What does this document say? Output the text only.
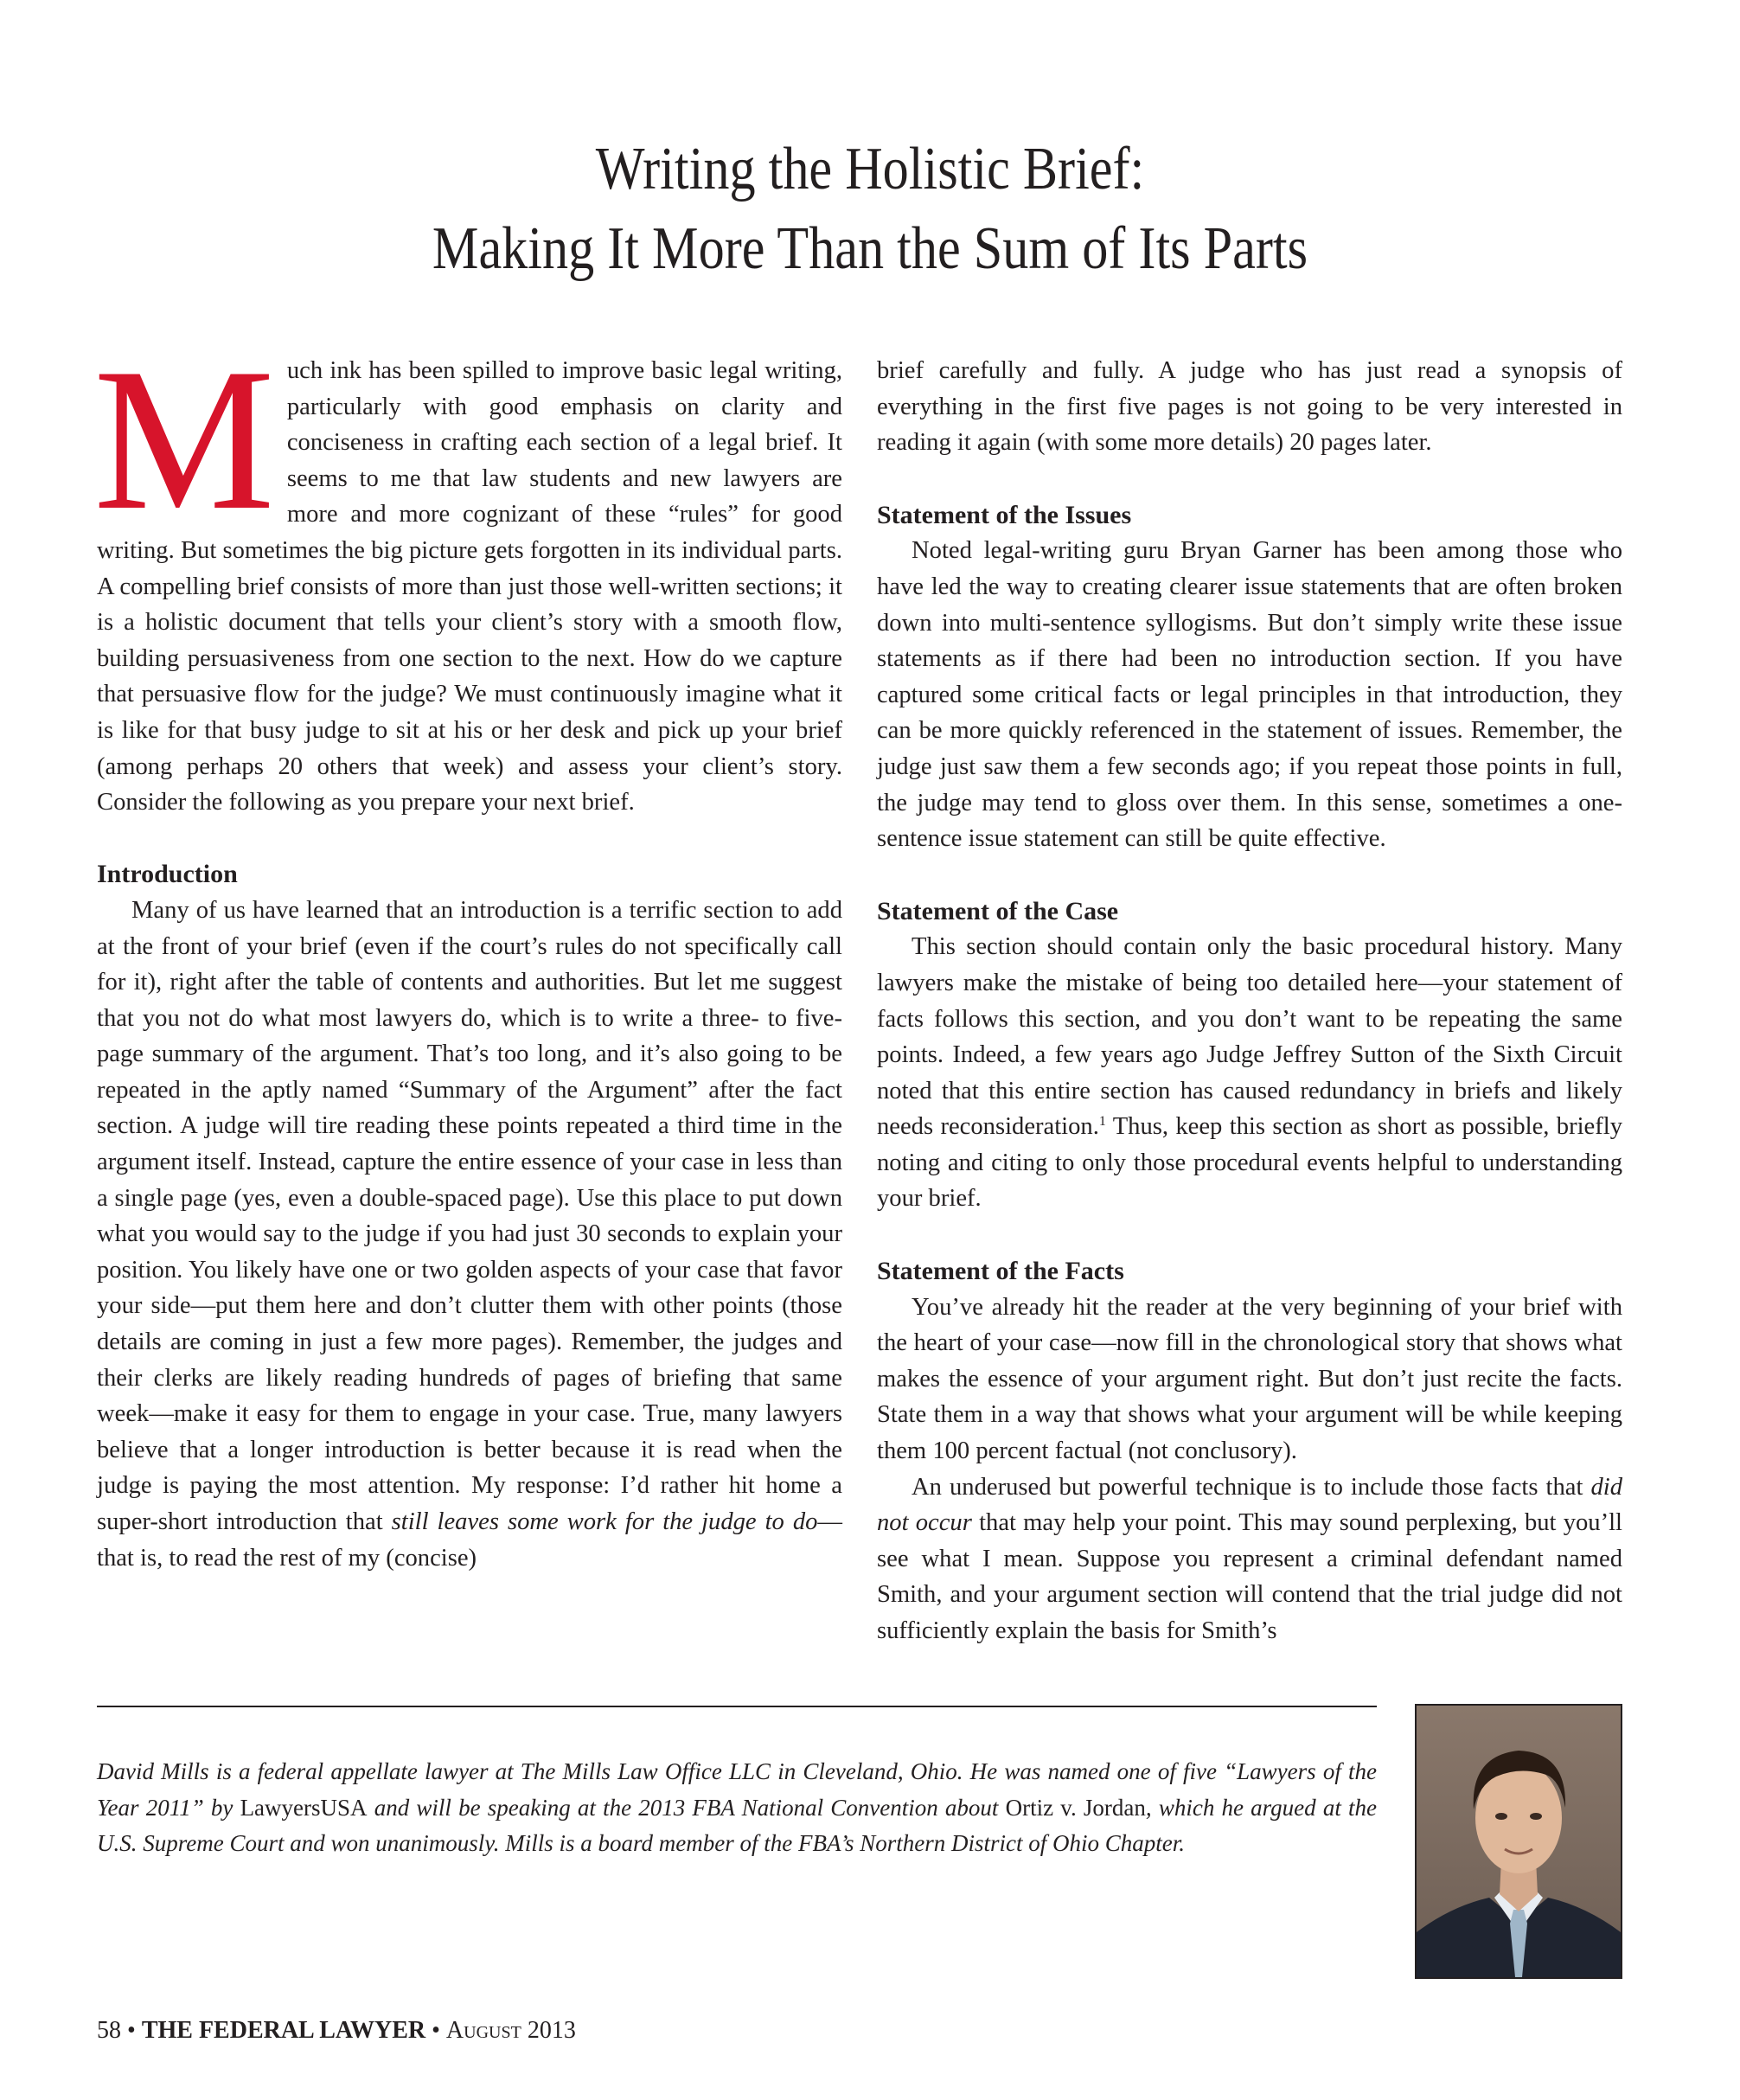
Writing the Holistic Brief:
Making It More Than the Sum of Its Parts

Much ink has been spilled to improve basic legal writing, particularly with good emphasis on clarity and conciseness in crafting each section of a legal brief. It seems to me that law students and new lawyers are more and more cognizant of these “rules” for good writing. But sometimes the big picture gets forgotten in its individual parts. A compelling brief consists of more than just those well-written sections; it is a holistic document that tells your client’s story with a smooth flow, building persuasiveness from one section to the next. How do we capture that persuasive flow for the judge? We must continuously imagine what it is like for that busy judge to sit at his or her desk and pick up your brief (among perhaps 20 others that week) and assess your client’s story. Consider the following as you prepare your next brief.

Introduction

Many of us have learned that an introduction is a terrific section to add at the front of your brief (even if the court’s rules do not specifically call for it), right after the table of contents and authorities. But let me suggest that you not do what most lawyers do, which is to write a three- to five-page summary of the argument. That’s too long, and it’s also going to be repeated in the aptly named “Summary of the Argument” after the fact section. A judge will tire reading these points repeated a third time in the argument itself. Instead, capture the entire essence of your case in less than a single page (yes, even a double-spaced page). Use this place to put down what you would say to the judge if you had just 30 seconds to explain your position. You likely have one or two golden aspects of your case that favor your side—put them here and don’t clutter them with other points (those details are coming in just a few more pages). Remember, the judges and their clerks are likely reading hundreds of pages of briefing that same week—make it easy for them to engage in your case. True, many lawyers believe that a longer introduction is better because it is read when the judge is paying the most attention. My response: I’d rather hit home a super-short introduction that still leaves some work for the judge to do—that is, to read the rest of my (concise)

brief carefully and fully. A judge who has just read a synopsis of everything in the first five pages is not going to be very interested in reading it again (with some more details) 20 pages later.

Statement of the Issues

Noted legal-writing guru Bryan Garner has been among those who have led the way to creating clearer issue statements that are often broken down into multi-sentence syllogisms. But don’t simply write these issue statements as if there had been no introduction section. If you have captured some critical facts or legal principles in that introduction, they can be more quickly referenced in the statement of issues. Remember, the judge just saw them a few seconds ago; if you repeat those points in full, the judge may tend to gloss over them. In this sense, sometimes a one-sentence issue statement can still be quite effective.

Statement of the Case

This section should contain only the basic procedural history. Many lawyers make the mistake of being too detailed here—your statement of facts follows this section, and you don’t want to be repeating the same points. Indeed, a few years ago Judge Jeffrey Sutton of the Sixth Circuit noted that this entire section has caused redundancy in briefs and likely needs reconsideration.$^1$ Thus, keep this section as short as possible, briefly noting and citing to only those procedural events helpful to understanding your brief.

Statement of the Facts

You’ve already hit the reader at the very beginning of your brief with the heart of your case—now fill in the chronological story that shows what makes the essence of your argument right. But don’t just recite the facts. State them in a way that shows what your argument will be while keeping them 100 percent factual (not conclusory).

An underused but powerful technique is to include those facts that did not occur that may help your point. This may sound perplexing, but you’ll see what I mean. Suppose you represent a criminal defendant named Smith, and your argument section will contend that the trial judge did not sufficiently explain the basis for Smith’s

David Mills is a federal appellate lawyer at The Mills Law Office LLC in Cleveland, Ohio. He was named one of five “Lawyers of the Year 2011” by LawyersUSA and will be speaking at the 2013 FBA National Convention about Ortiz v. Jordan, which he argued at the U.S. Supreme Court and won unanimously. Mills is a board member of the FBA’s Northern District of Ohio Chapter.
58 • THE FEDERAL LAWYER • August 2013
